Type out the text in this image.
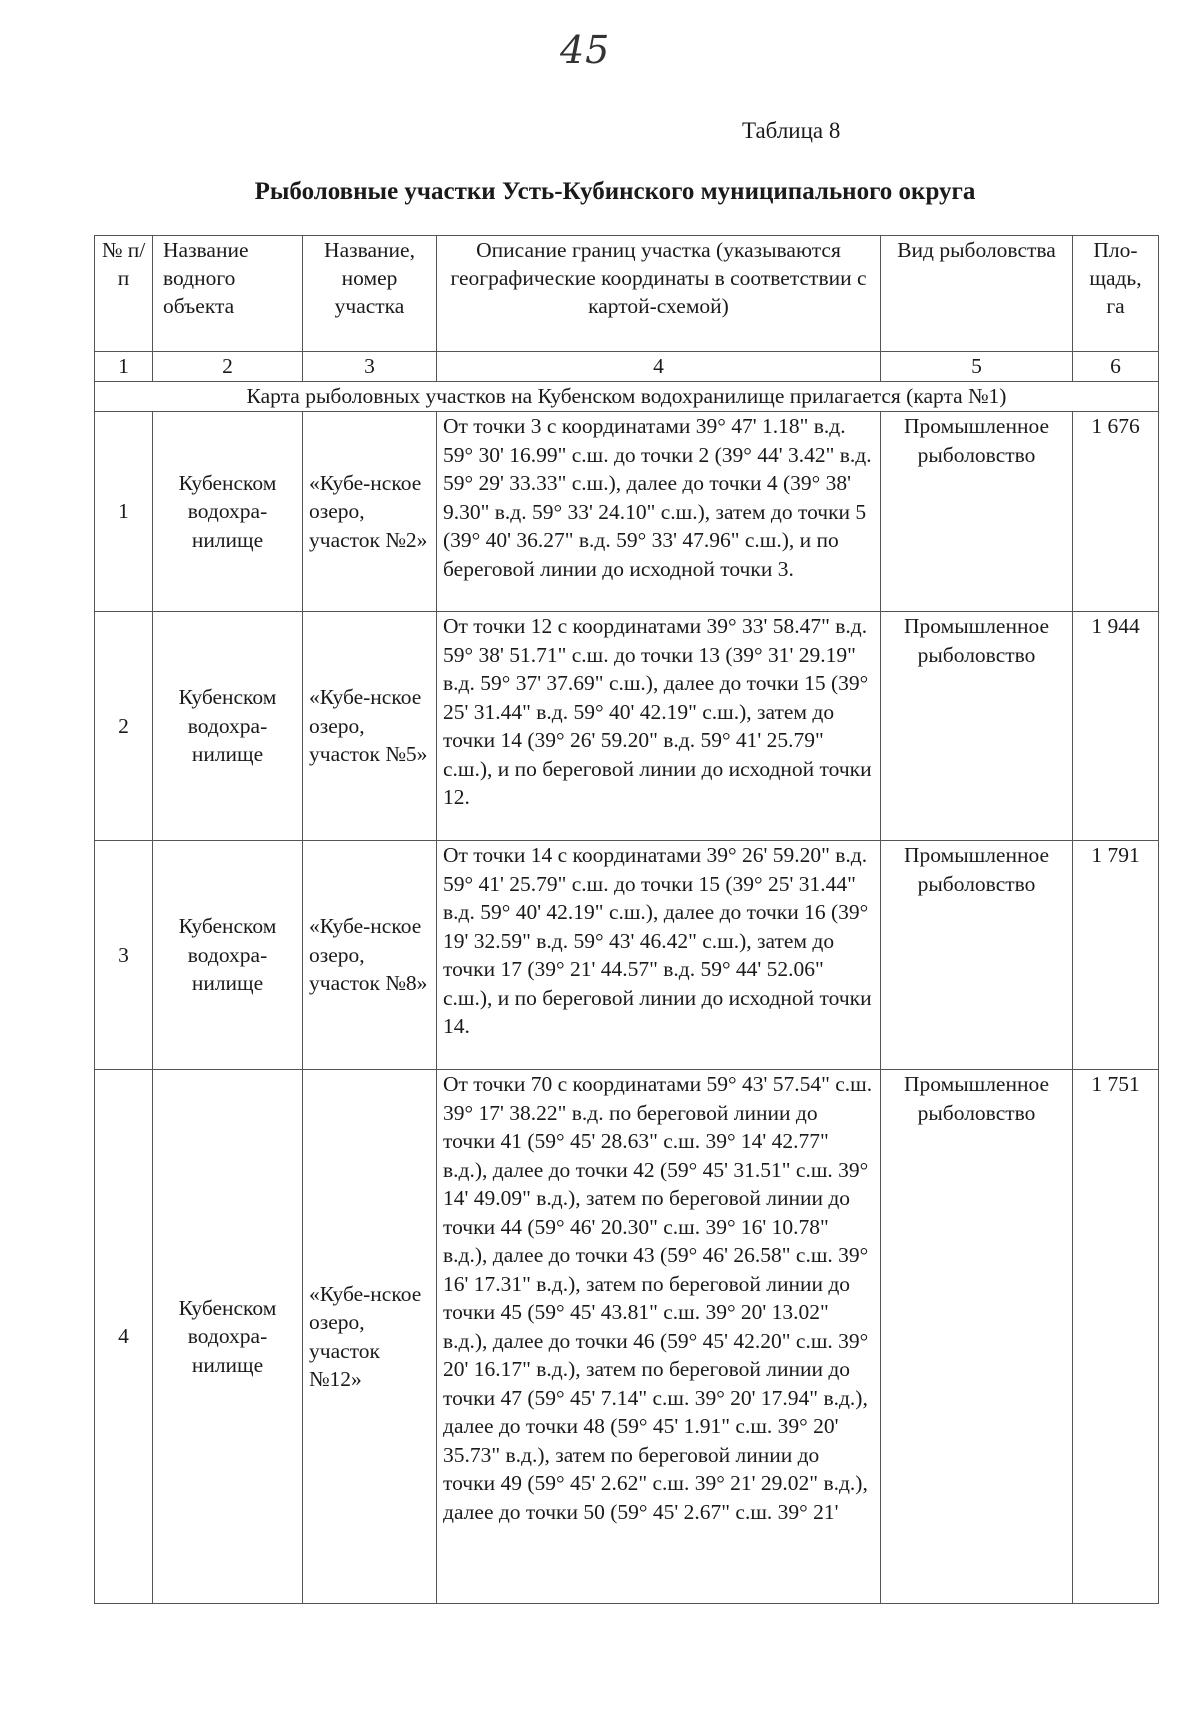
45
Таблица 8
Рыболовные участки Усть-Кубинского муниципального округа
№ п/п	Название водного объекта	Название, номер участка	Описание границ участка (указываются географические координаты в соответствии с картой-схемой)	Вид рыболовства	Пло-щадь, га
1	2	3	4	5	6
Карта рыболовных участков на Кубенском водохранилище прилагается (карта №1)					
1	Кубенском водохра-нилище	«Кубе-нское озеро, участок №2»	От точки 3 с координатами 39° 47' 1.18" в.д. 59° 30' 16.99" с.ш. до точки 2 (39° 44' 3.42" в.д. 59° 29' 33.33" с.ш.), далее до точки 4 (39° 38' 9.30" в.д. 59° 33' 24.10" с.ш.), затем до точки 5 (39° 40' 36.27" в.д. 59° 33' 47.96" с.ш.), и по береговой линии до исходной точки 3.	Промышленное рыболовство	1 676
2	Кубенском водохра-нилище	«Кубе-нское озеро, участок №5»	От точки 12 с координатами 39° 33' 58.47" в.д. 59° 38' 51.71" с.ш. до точки 13 (39° 31' 29.19" в.д. 59° 37' 37.69" с.ш.), далее до точки 15 (39° 25' 31.44" в.д. 59° 40' 42.19" с.ш.), затем до точки 14 (39° 26' 59.20" в.д. 59° 41' 25.79" с.ш.), и по береговой линии до исходной точки 12.	Промышленное рыболовство	1 944
3	Кубенском водохра-нилище	«Кубе-нское озеро, участок №8»	От точки 14 с координатами 39° 26' 59.20" в.д. 59° 41' 25.79" с.ш. до точки 15 (39° 25' 31.44" в.д. 59° 40' 42.19" с.ш.), далее до точки 16 (39° 19' 32.59" в.д. 59° 43' 46.42" с.ш.), затем до точки 17 (39° 21' 44.57" в.д. 59° 44' 52.06" с.ш.), и по береговой линии до исходной точки 14.	Промышленное рыболовство	1 791
4	Кубенском водохра-нилище	«Кубе-нское озеро, участок №12»	От точки 70 с координатами 59° 43' 57.54" с.ш. 39° 17' 38.22" в.д. по береговой линии до точки 41 (59° 45' 28.63" с.ш. 39° 14' 42.77" в.д.), далее до точки 42 (59° 45' 31.51" с.ш. 39° 14' 49.09" в.д.), затем по береговой линии до точки 44 (59° 46' 20.30" с.ш. 39° 16' 10.78" в.д.), далее до точки 43 (59° 46' 26.58" с.ш. 39° 16' 17.31" в.д.), затем по береговой линии до точки 45 (59° 45' 43.81" с.ш. 39° 20' 13.02" в.д.), далее до точки 46 (59° 45' 42.20" с.ш. 39° 20' 16.17" в.д.), затем по береговой линии до точки 47 (59° 45' 7.14" с.ш. 39° 20' 17.94" в.д.), далее до точки 48 (59° 45' 1.91" с.ш. 39° 20' 35.73" в.д.), затем по береговой линии до точки 49 (59° 45' 2.62" с.ш. 39° 21' 29.02" в.д.), далее до точки 50 (59° 45' 2.67" с.ш. 39° 21'	Промышленное рыболовство	1 751
